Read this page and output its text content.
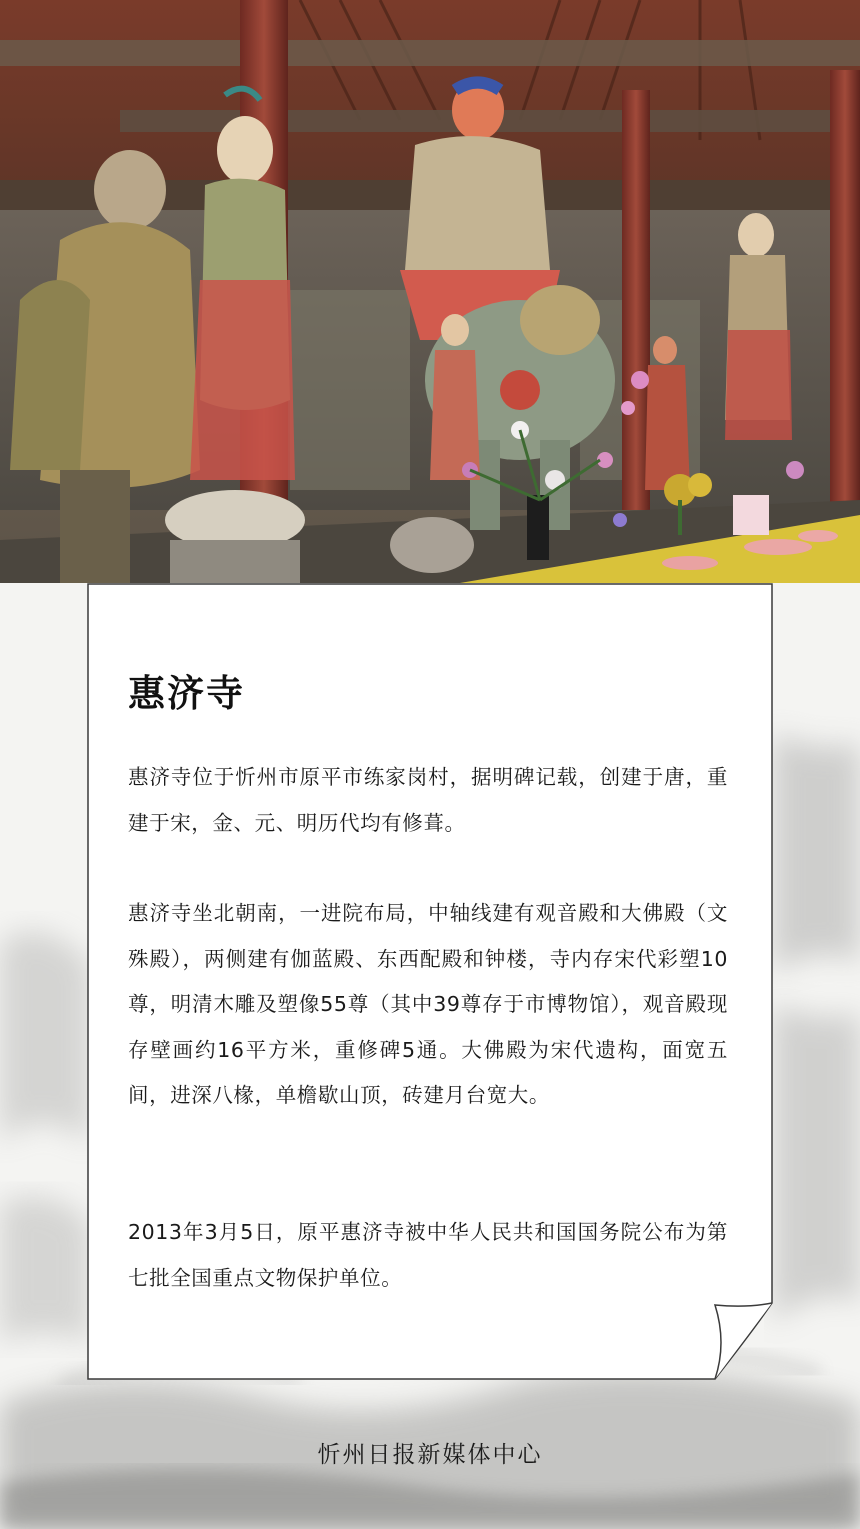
惠济寺

惠济寺位于忻州市原平市练家岗村，据明碑记载，创建于唐，重建于宋，金、元、明历代均有修葺。

惠济寺坐北朝南，一进院布局，中轴线建有观音殿和大佛殿（文殊殿），两侧建有伽蓝殿、东西配殿和钟楼，寺内存宋代彩塑10尊，明清木雕及塑像55尊（其中39尊存于市博物馆），观音殿现存壁画约16平方米，重修碑5通。大佛殿为宋代遗构，面宽五间，进深八椽，单檐歇山顶，砖建月台宽大。

2013年3月5日，原平惠济寺被中华人民共和国国务院公布为第七批全国重点文物保护单位。

忻州日报新媒体中心
